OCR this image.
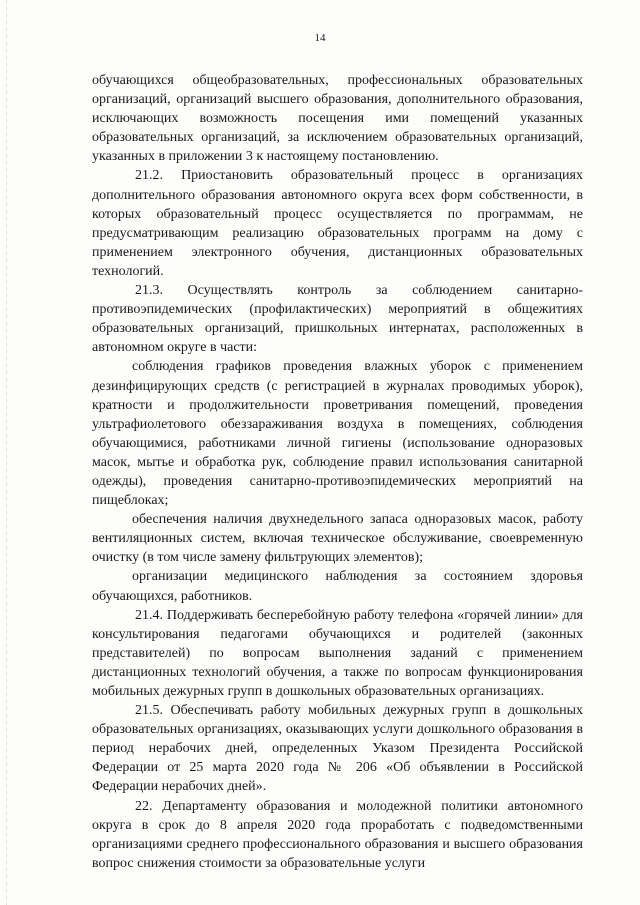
14

обучающихся общеобразовательных, профессиональных образовательных организаций, организаций высшего образования, дополнительного образования, исключающих возможность посещения ими помещений указанных образовательных организаций, за исключением образовательных организаций, указанных в приложении 3 к настоящему постановлению.

21.2. Приостановить образовательный процесс в организациях дополнительного образования автономного округа всех форм собственности, в которых образовательный процесс осуществляется по программам, не предусматривающим реализацию образовательных программ на дому с применением электронного обучения, дистанционных образовательных технологий.

21.3. Осуществлять контроль за соблюдением санитарно-противоэпидемических (профилактических) мероприятий в общежитиях образовательных организаций, пришкольных интернатах, расположенных в автономном округе в части:

соблюдения графиков проведения влажных уборок с применением дезинфицирующих средств (с регистрацией в журналах проводимых уборок), кратности и продолжительности проветривания помещений, проведения ультрафиолетового обеззараживания воздуха в помещениях, соблюдения обучающимися, работниками личной гигиены (использование одноразовых масок, мытье и обработка рук, соблюдение правил использования санитарной одежды), проведения санитарно-противоэпидемических мероприятий на пищеблоках;

обеспечения наличия двухнедельного запаса одноразовых масок, работу вентиляционных систем, включая техническое обслуживание, своевременную очистку (в том числе замену фильтрующих элементов);

организации медицинского наблюдения за состоянием здоровья обучающихся, работников.

21.4. Поддерживать бесперебойную работу телефона «горячей линии» для консультирования педагогами обучающихся и родителей (законных представителей) по вопросам выполнения заданий с применением дистанционных технологий обучения, а также по вопросам функционирования мобильных дежурных групп в дошкольных образовательных организациях.

21.5. Обеспечивать работу мобильных дежурных групп в дошкольных образовательных организациях, оказывающих услуги дошкольного образования в период нерабочих дней, определенных Указом Президента Российской Федерации от 25 марта 2020 года № 206 «Об объявлении в Российской Федерации нерабочих дней».

22. Департаменту образования и молодежной политики автономного округа в срок до 8 апреля 2020 года проработать с подведомственными организациями среднего профессионального образования и высшего образования вопрос снижения стоимости за образовательные услуги
